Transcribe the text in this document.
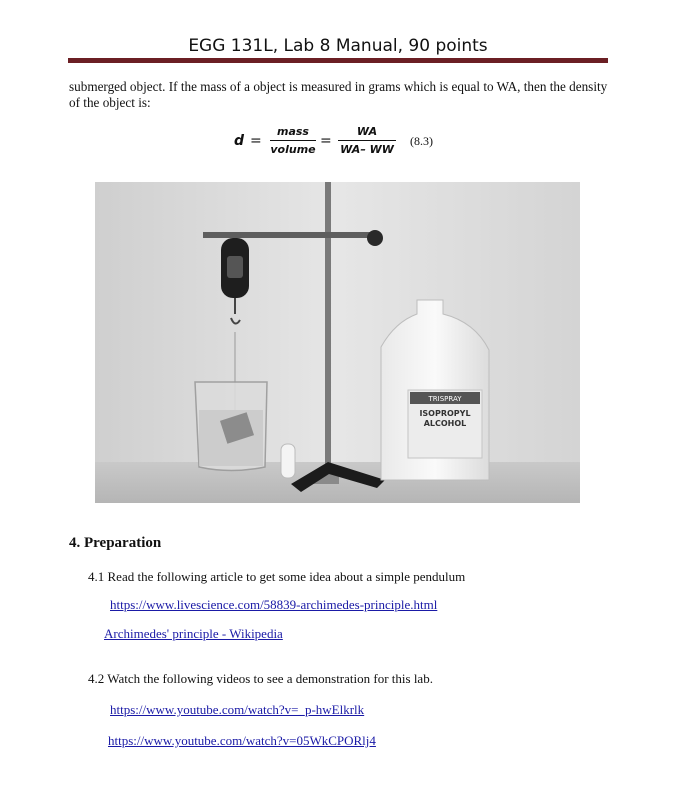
EGG 131L, Lab 8 Manual, 90 points
submerged object. If the mass of a object is measured in grams which is equal to WA, then the density of the object is:
d =
mass
volume
=
WA
WA– WW
(8.3)
TRISPRAY
ISOPROPYL
ALCOHOL
4. Preparation
4.1 Read the following article to get some idea about a simple pendulum
https://www.livescience.com/58839-archimedes-principle.html
Archimedes' principle - Wikipedia
4.2 Watch the following videos to see a demonstration for this lab.
https://www.youtube.com/watch?v=_p-hwElkrlk
https://www.youtube.com/watch?v=05WkCPORlj4
